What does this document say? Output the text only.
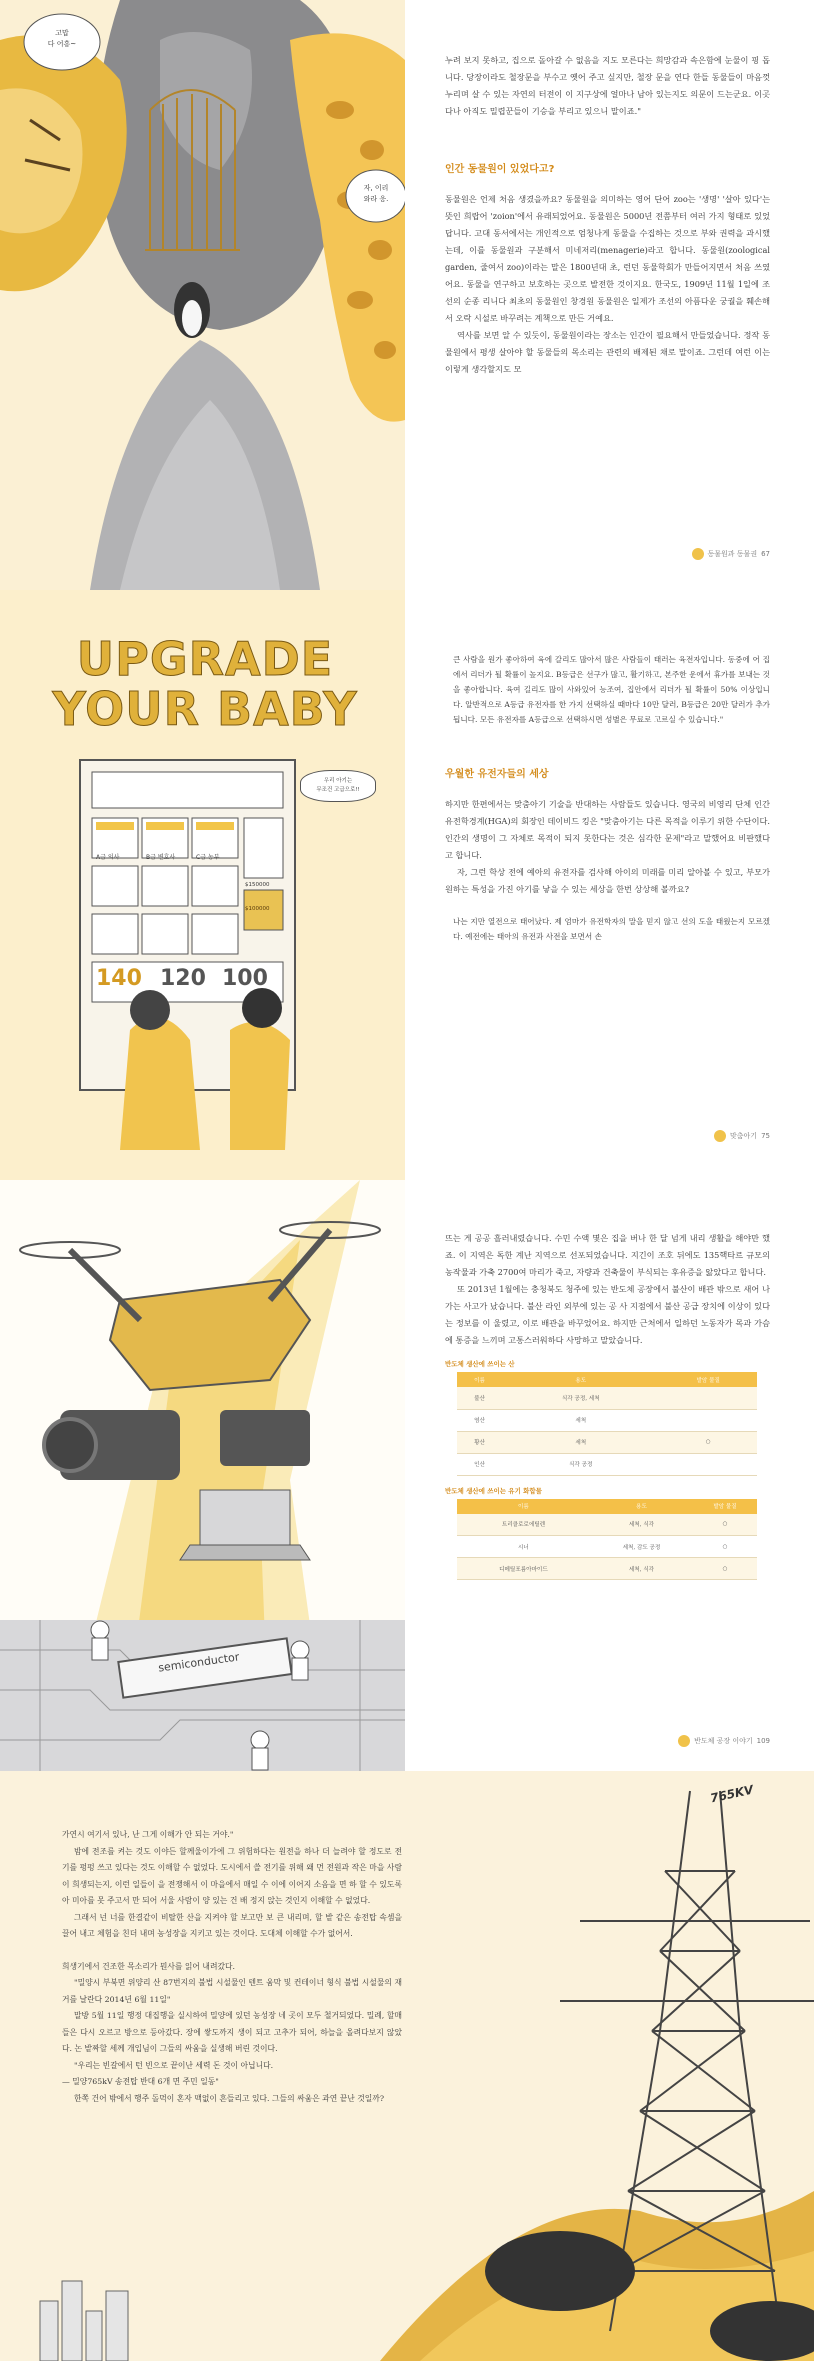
고맙
다 어흥~
자, 이리
와라 응.

누려 보지 못하고, 집으로 돌아갈 수 없음을 지도 모른다는 희망감과 속은함에 눈물이 핑 돕니다. 당장이라도 철장문을 부수고 옛어 주고 싶지만, 철장 문을 연다 한들 동물들이 마음껏 누리며 살 수 있는 자연의 터전이 이 지구상에 얼마나 남아 있는지도 의문이 드는군요. 이곳 다나 아직도 밀렵꾼들이 기승을 부리고 있으니 말이죠."

인간 동물원이 있었다고?

동물원은 언제 처음 생겼을까요? 동물원을 의미하는 영어 단어 zoo는 '생명' '살아 있다'는 뜻인 희랍어 'zoion'에서 유래되었어요. 동물원은 5000년 전쯤부터 여러 가지 형태로 있었답니다. 고대 동서에서는 개인적으로 엄청나게 동물을 수집하는 것으로 부와 권력을 과시했는데, 이를 동물원과 구분해서 미네저리(menagerie)라고 합니다. 동물원(zoological garden, 줄여서 zoo)이라는 말은 1800년대 초, 런던 동물학회가 만들어지면서 처음 쓰였어요. 동물을 연구하고 보호하는 곳으로 발전한 것이지요. 한국도, 1909년 11월 1일에 조선의 순종 리니다 최초의 동물원인 창경원 동물원은 일제가 조선의 아픔다운 궁궐을 훼손해서 오락 시설로 바꾸려는 계책으로 만든 거예요.

역사를 보면 알 수 있듯이, 동물원이라는 장소는 인간이 필요해서 만들었습니다. 정작 동물원에서 평생 살아야 할 동물들의 목소리는 관련의 배제된 채로 말이죠. 그런데 여런 이는 이렇게 생각할지도 모

동물원과 동물권 67
UPGRADE
YOUR BABY
우리 아기는
무조건 고급으로!!
A급 의사	B급 변호사	C급 농부
$150000
$100000
140 120 100

큰 사람을 원가 좋아하여 육에 갈리도 많아서 많은 사람들이 태러는 육전자입니다. 동중에 어 집에서 리더가 될 확률이 높지요. B등급은 선구가 많고, 활기하고, 본주한 운에서 휴가를 보내는 것을 좋아합니다. 육여 길리도 많이 사와있어 능조여, 집안에서 리더가 될 확률이 50% 이상입니다. 알반적으로 A등급 유전자를 한 가지 선택하실 때마다 10만 달러, B등급은 20만 달러가 추가됩니다. 모든 유전자를 A등급으로 선택하시면 성별은 무료로 고르실 수 있습니다."

우월한 유전자들의 세상

하지만 한편에서는 맞춤아기 기술을 반대하는 사람들도 있습니다. 영국의 비영리 단체 인간유전학경계(HGA)의 회장인 데이비드 킹은 "맞춤아기는 다른 목적을 이루기 위한 수단이다. 인간의 생명이 그 자체로 목적이 되지 못한다는 것은 심각한 문제"라고 말했어요 비판했다고 합니다.

자, 그런 학상 전에 예아의 유전자를 검사해 아이의 미래를 미리 알아볼 수 있고, 부모가 원하는 특성을 가진 아기를 낳을 수 있는 세상을 한번 상상해 볼까요?

나는 지만 열전으로 태어났다. 제 엄마가 유전학자의 말을 믿지 않고 선의 도을 태웠는지 모르겠다. 예전에는 태아의 유전과 사전을 보면서 손

맞춤아기 75
semiconductor

뜨는 게 공공 흘러내렸습니다. 수민 수액 몇은 집을 버나 한 달 넘게 내리 생활을 해야만 했죠. 이 지역은 독한 계난 지역으로 선포되었습니다. 지긴이 조호 뒤에도 135핵타르 규모의 농작물과 가축 2700여 마리가 죽고, 자량과 건축물이 부식되는 후유증을 앓았다고 합니다.

또 2013년 1월에는 충청북도 청주에 있는 반도체 공장에서 불산이 배관 밖으로 새어 나가는 사고가 났습니다. 불산 라인 외부에 있는 공 사 지점에서 불산 공급 장치에 이상이 있다는 정보를 이 울렸고, 이로 배관을 바꾸었어요. 하지만 근처에서 일하던 노동자가 목과 가슴에 통증을 느끼며 고통스러워하다 사망하고 말았습니다.

반도체 생산에 쓰이는 산
이름	용도	발암 물질
불산	식각 공정, 세척	
염산	세척	
황산	세척	○
인산	식각 공정	
반도체 생산에 쓰이는 유기 화합물
이름	용도	발암 물질
트리클로로에틸렌	세척, 식각	○
시너	세척, 감도 공정	○
디메틸포름아마이드	세척, 식각	○
반도체 공장 이야기 109
765KV

가연시 여기서 있나, 난 그게 이해가 안 되는 거야."

밤에 전조를 켜는 것도 이야든 할께울이가에 그 위험하다는 원전을 하나 더 늘려야 할 정도로 전기를 펑펑 쓰고 있다는 것도 이해할 수 없었다. 도시에서 쓸 전기를 위해 왜 먼 전원과 작은 마을 사람이 희생되는지, 이런 일들이 을 전쟁해서 이 마을에서 매일 수 이에 이어지 소음을 면 하 할 수 있도록 아 미아를 못 주고서 만 되어 서울 사람이 양 있는 건 배 정지 앉는 것인지 이해할 수 없었다.

그래서 넌 너를 한결같이 비탈한 산을 지켜야 할 보고만 보 큰 내리며, 할 밭 같은 송전탑 속셈을 끌어 내고 체험을 친더 내며 농성장을 지키고 있는 것이다. 도대체 이해할 수가 없어서.

희생기에서 건조한 목소리가 뭔사를 읽어 내려갔다.

"밀양시 부북면 위양리 산 87번지의 불법 시설물인 텐트 움막 및 컨테이너 형식 불법 시설물의 재거를 날란다 2014년 6월 11일"

말방 5월 11일 행정 대집행을 실시하여 밀양에 있던 농성장 네 곳이 모두 철거되었다. 밀례, 할매들은 다시 오르고 방으로 등아갔다. 장에 쌓도까지 생이 되고 고추가 되어, 하늘을 올려다보지 않았다. 논 밭짜할 세께 개입님이 그들의 싸움을 실생해 버린 것이다.

"우리는 빈갈에서 턴 빈으로 끝이난 세력 돈 것이 아닙니다.

— 밀양765kV 송전탑 반대 6개 면 주민 일동"

한쪽 건어 밖에서 행주 돌먹이 혼자 맥없이 흔들리고 있다. 그들의 싸움은 과연 끝난 것일까?
